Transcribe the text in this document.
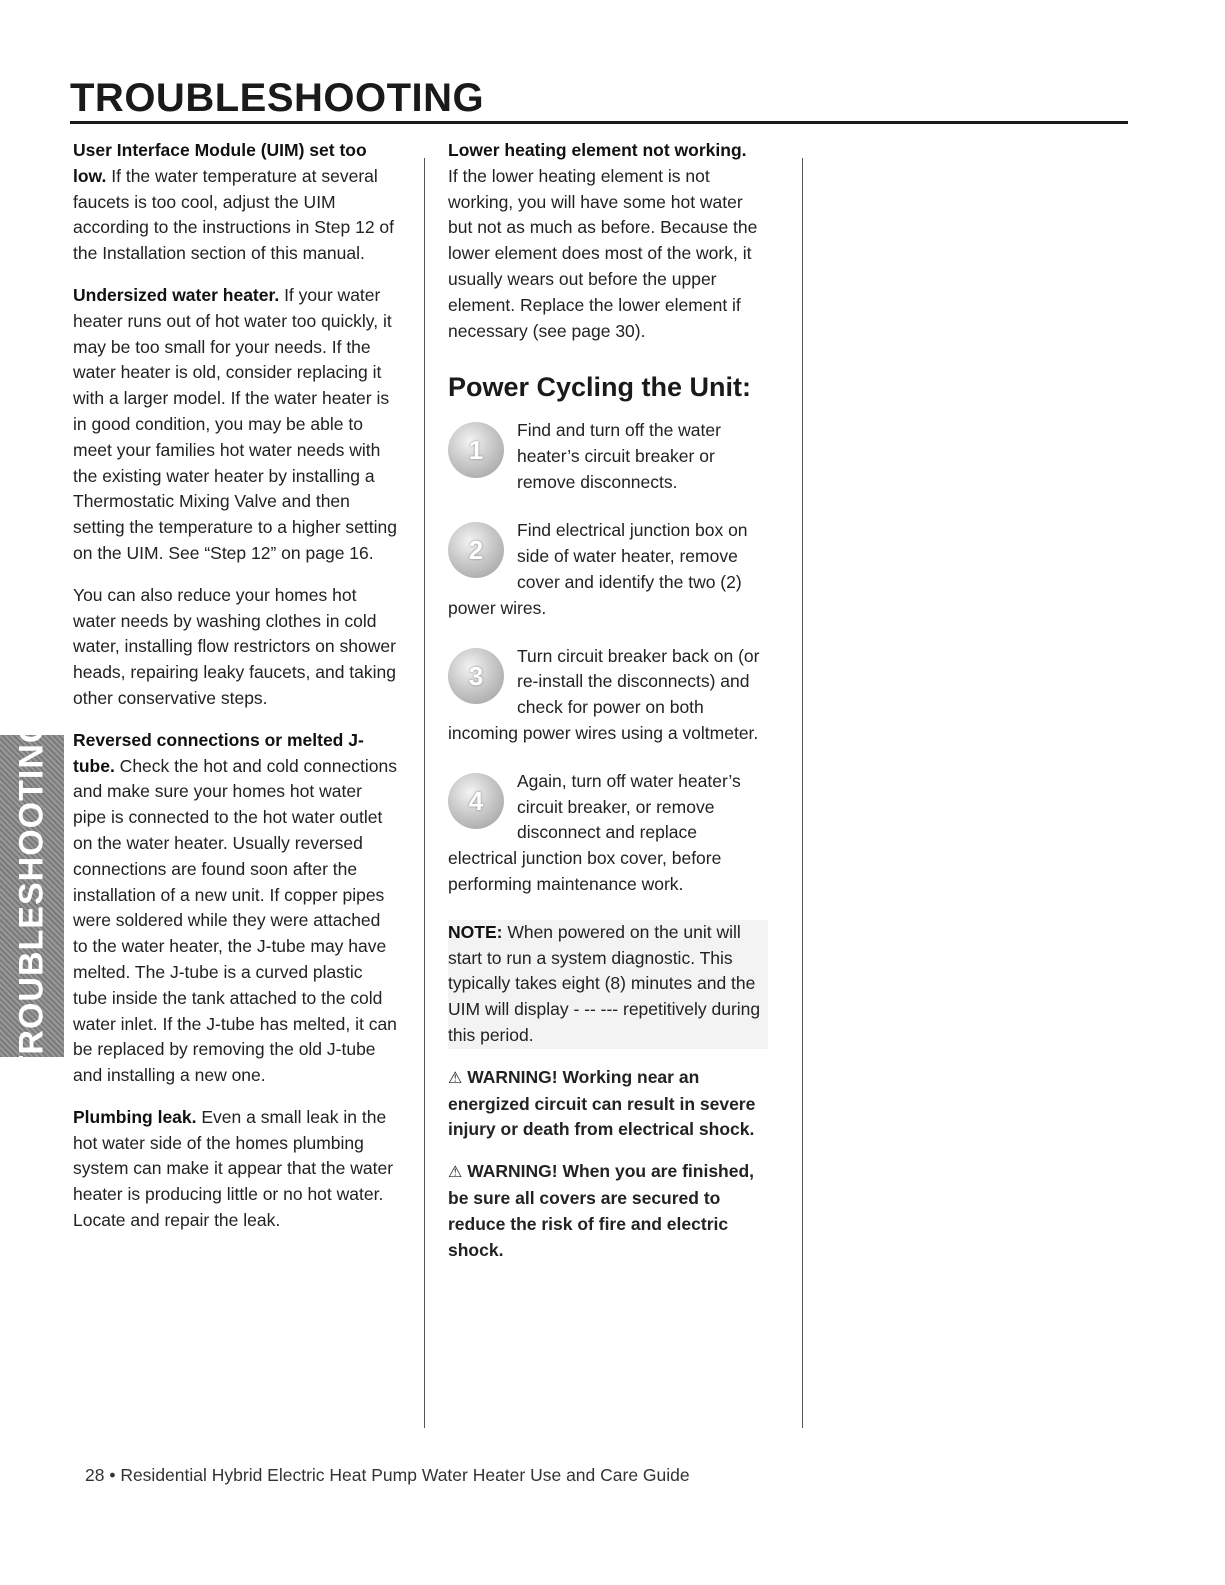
TROUBLESHOOTING
TROUBLESHOOTING

User Interface Module (UIM) set too low. If the water temperature at several faucets is too cool, adjust the UIM according to the instructions in Step 12 of the Installation section of this manual.

Undersized water heater. If your water heater runs out of hot water too quickly, it may be too small for your needs. If the water heater is old, consider replacing it with a larger model. If the water heater is in good condition, you may be able to meet your families hot water needs with the existing water heater by installing a Thermostatic Mixing Valve and then setting the temperature to a higher setting on the UIM. See “Step 12” on page 16.

You can also reduce your homes hot water needs by washing clothes in cold water, installing flow restrictors on shower heads, repairing leaky faucets, and taking other conservative steps.

Reversed connections or melted J-tube. Check the hot and cold connections and make sure your homes hot water pipe is connected to the hot water outlet on the water heater. Usually reversed connections are found soon after the installation of a new unit. If copper pipes were soldered while they were attached to the water heater, the J-tube may have melted. The J-tube is a curved plastic tube inside the tank attached to the cold water inlet. If the J-tube has melted, it can be replaced by removing the old J-tube and installing a new one.

Plumbing leak. Even a small leak in the hot water side of the homes plumbing system can make it appear that the water heater is producing little or no hot water. Locate and repair the leak.

Lower heating element not working.
If the lower heating element is not working, you will have some hot water but not as much as before. Because the lower element does most of the work, it usually wears out before the upper element. Replace the lower element if necessary (see page 30).

Power Cycling the Unit:
1
Find and turn off the water heater’s circuit breaker or remove disconnects.
2
Find electrical junction box on side of water heater, remove cover and identify the two (2)
power wires.
3
Turn circuit breaker back on (or re-install the disconnects) and check for power on both
incoming power wires using a voltmeter.
4
Again, turn off water heater’s circuit breaker, or remove disconnect and replace
electrical junction box cover, before performing maintenance work.

NOTE: When powered on the unit will start to run a system diagnostic. This typically takes eight (8) minutes and the UIM will display - -- --- repetitively during this period.

⚠ WARNING! Working near an energized circuit can result in severe injury or death from electrical shock.

⚠ WARNING! When you are finished, be sure all covers are secured to reduce the risk of fire and electric shock.

28 • Residential Hybrid Electric Heat Pump Water Heater Use and Care Guide
